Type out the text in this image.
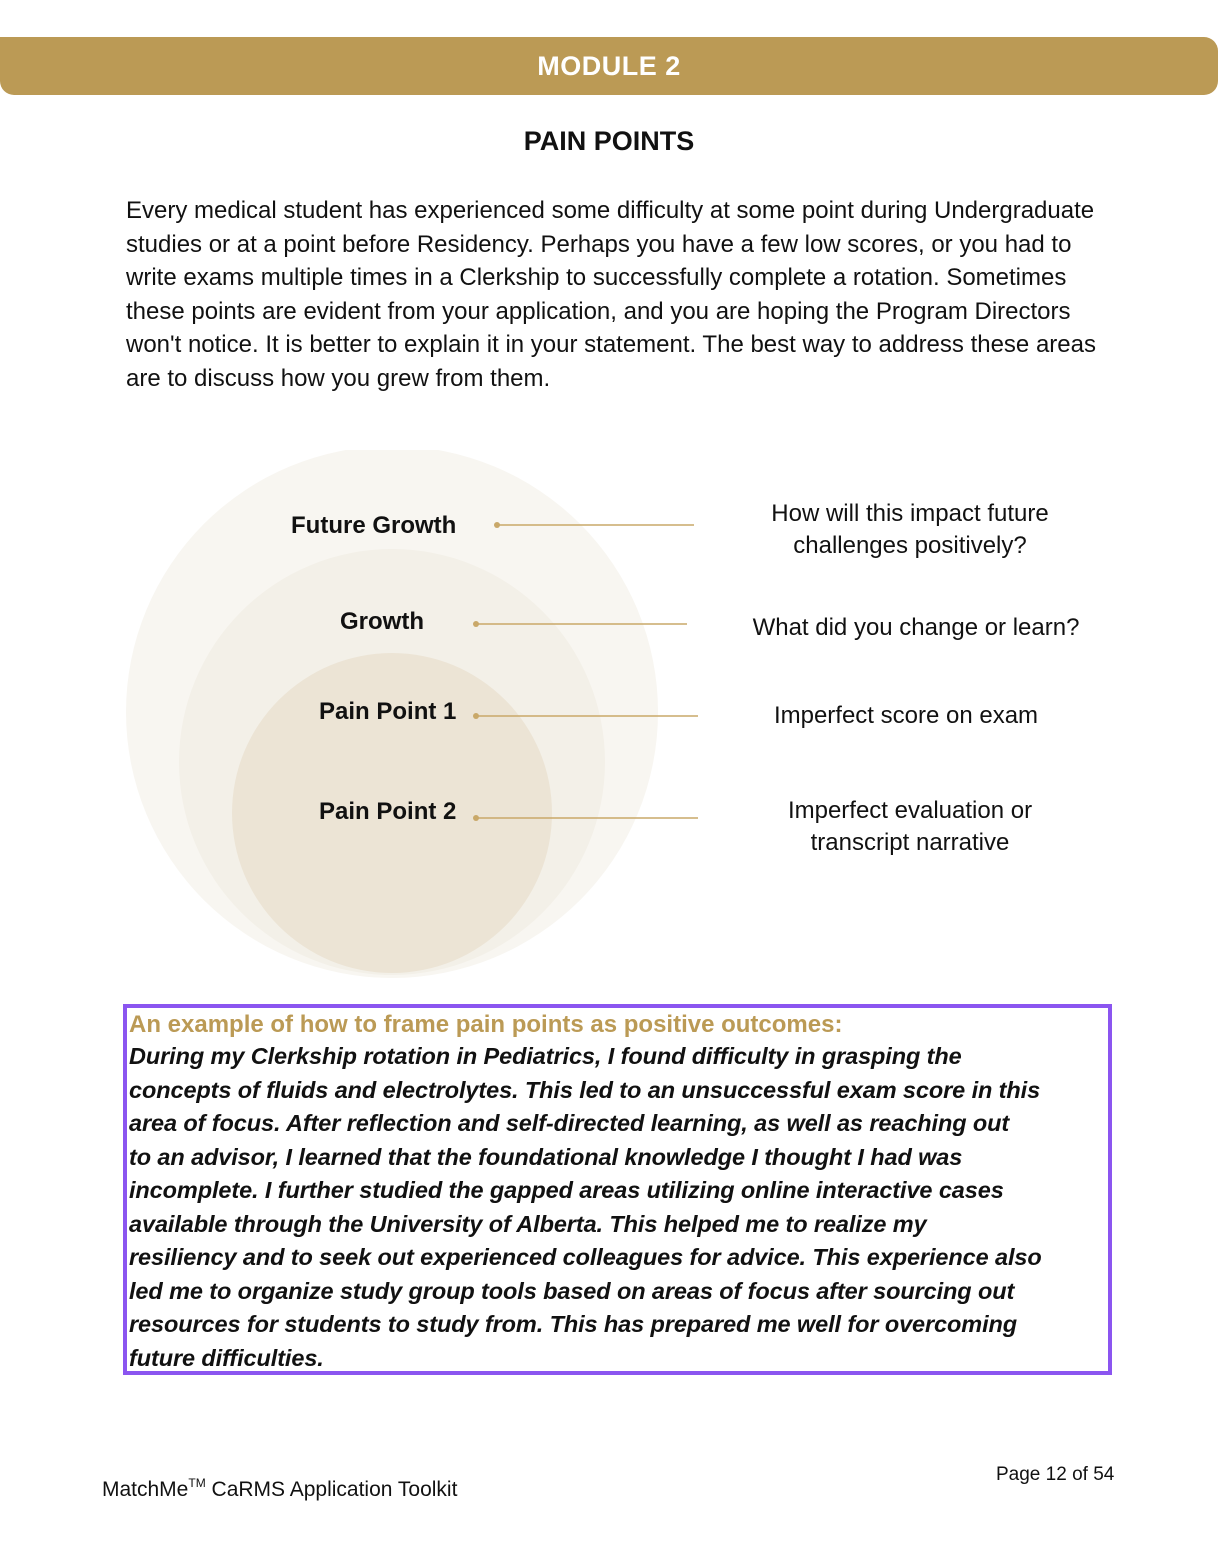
MODULE 2
PAIN POINTS

Every medical student has experienced some difficulty at some point during Undergraduate studies or at a point before Residency. Perhaps you have a few low scores, or you had to write exams multiple times in a Clerkship to successfully complete a rotation. Sometimes these points are evident from your application, and you are hoping the Program Directors won't notice. It is better to explain it in your statement. The best way to address these areas are to discuss how you grew from them.

Future Growth
Growth
Pain Point 1
Pain Point 2
How will this impact future
challenges positively?
What did you change or learn?
Imperfect score on exam
Imperfect evaluation or
transcript narrative

An example of how to frame pain points as positive outcomes:

During my Clerkship rotation in Pediatrics, I found difficulty in grasping the
concepts of fluids and electrolytes. This led to an unsuccessful exam score in this
area of focus. After reflection and self-directed learning, as well as reaching out
to an advisor, I learned that the foundational knowledge I thought I had was
incomplete. I further studied the gapped areas utilizing online interactive cases
available through the University of Alberta. This helped me to realize my
resiliency and to seek out experienced colleagues for advice. This experience also
led me to organize study group tools based on areas of focus after sourcing out
resources for students to study from. This has prepared me well for overcoming
future difficulties.
MatchMe™ CaRMS Application Toolkit
Page 12 of 54
